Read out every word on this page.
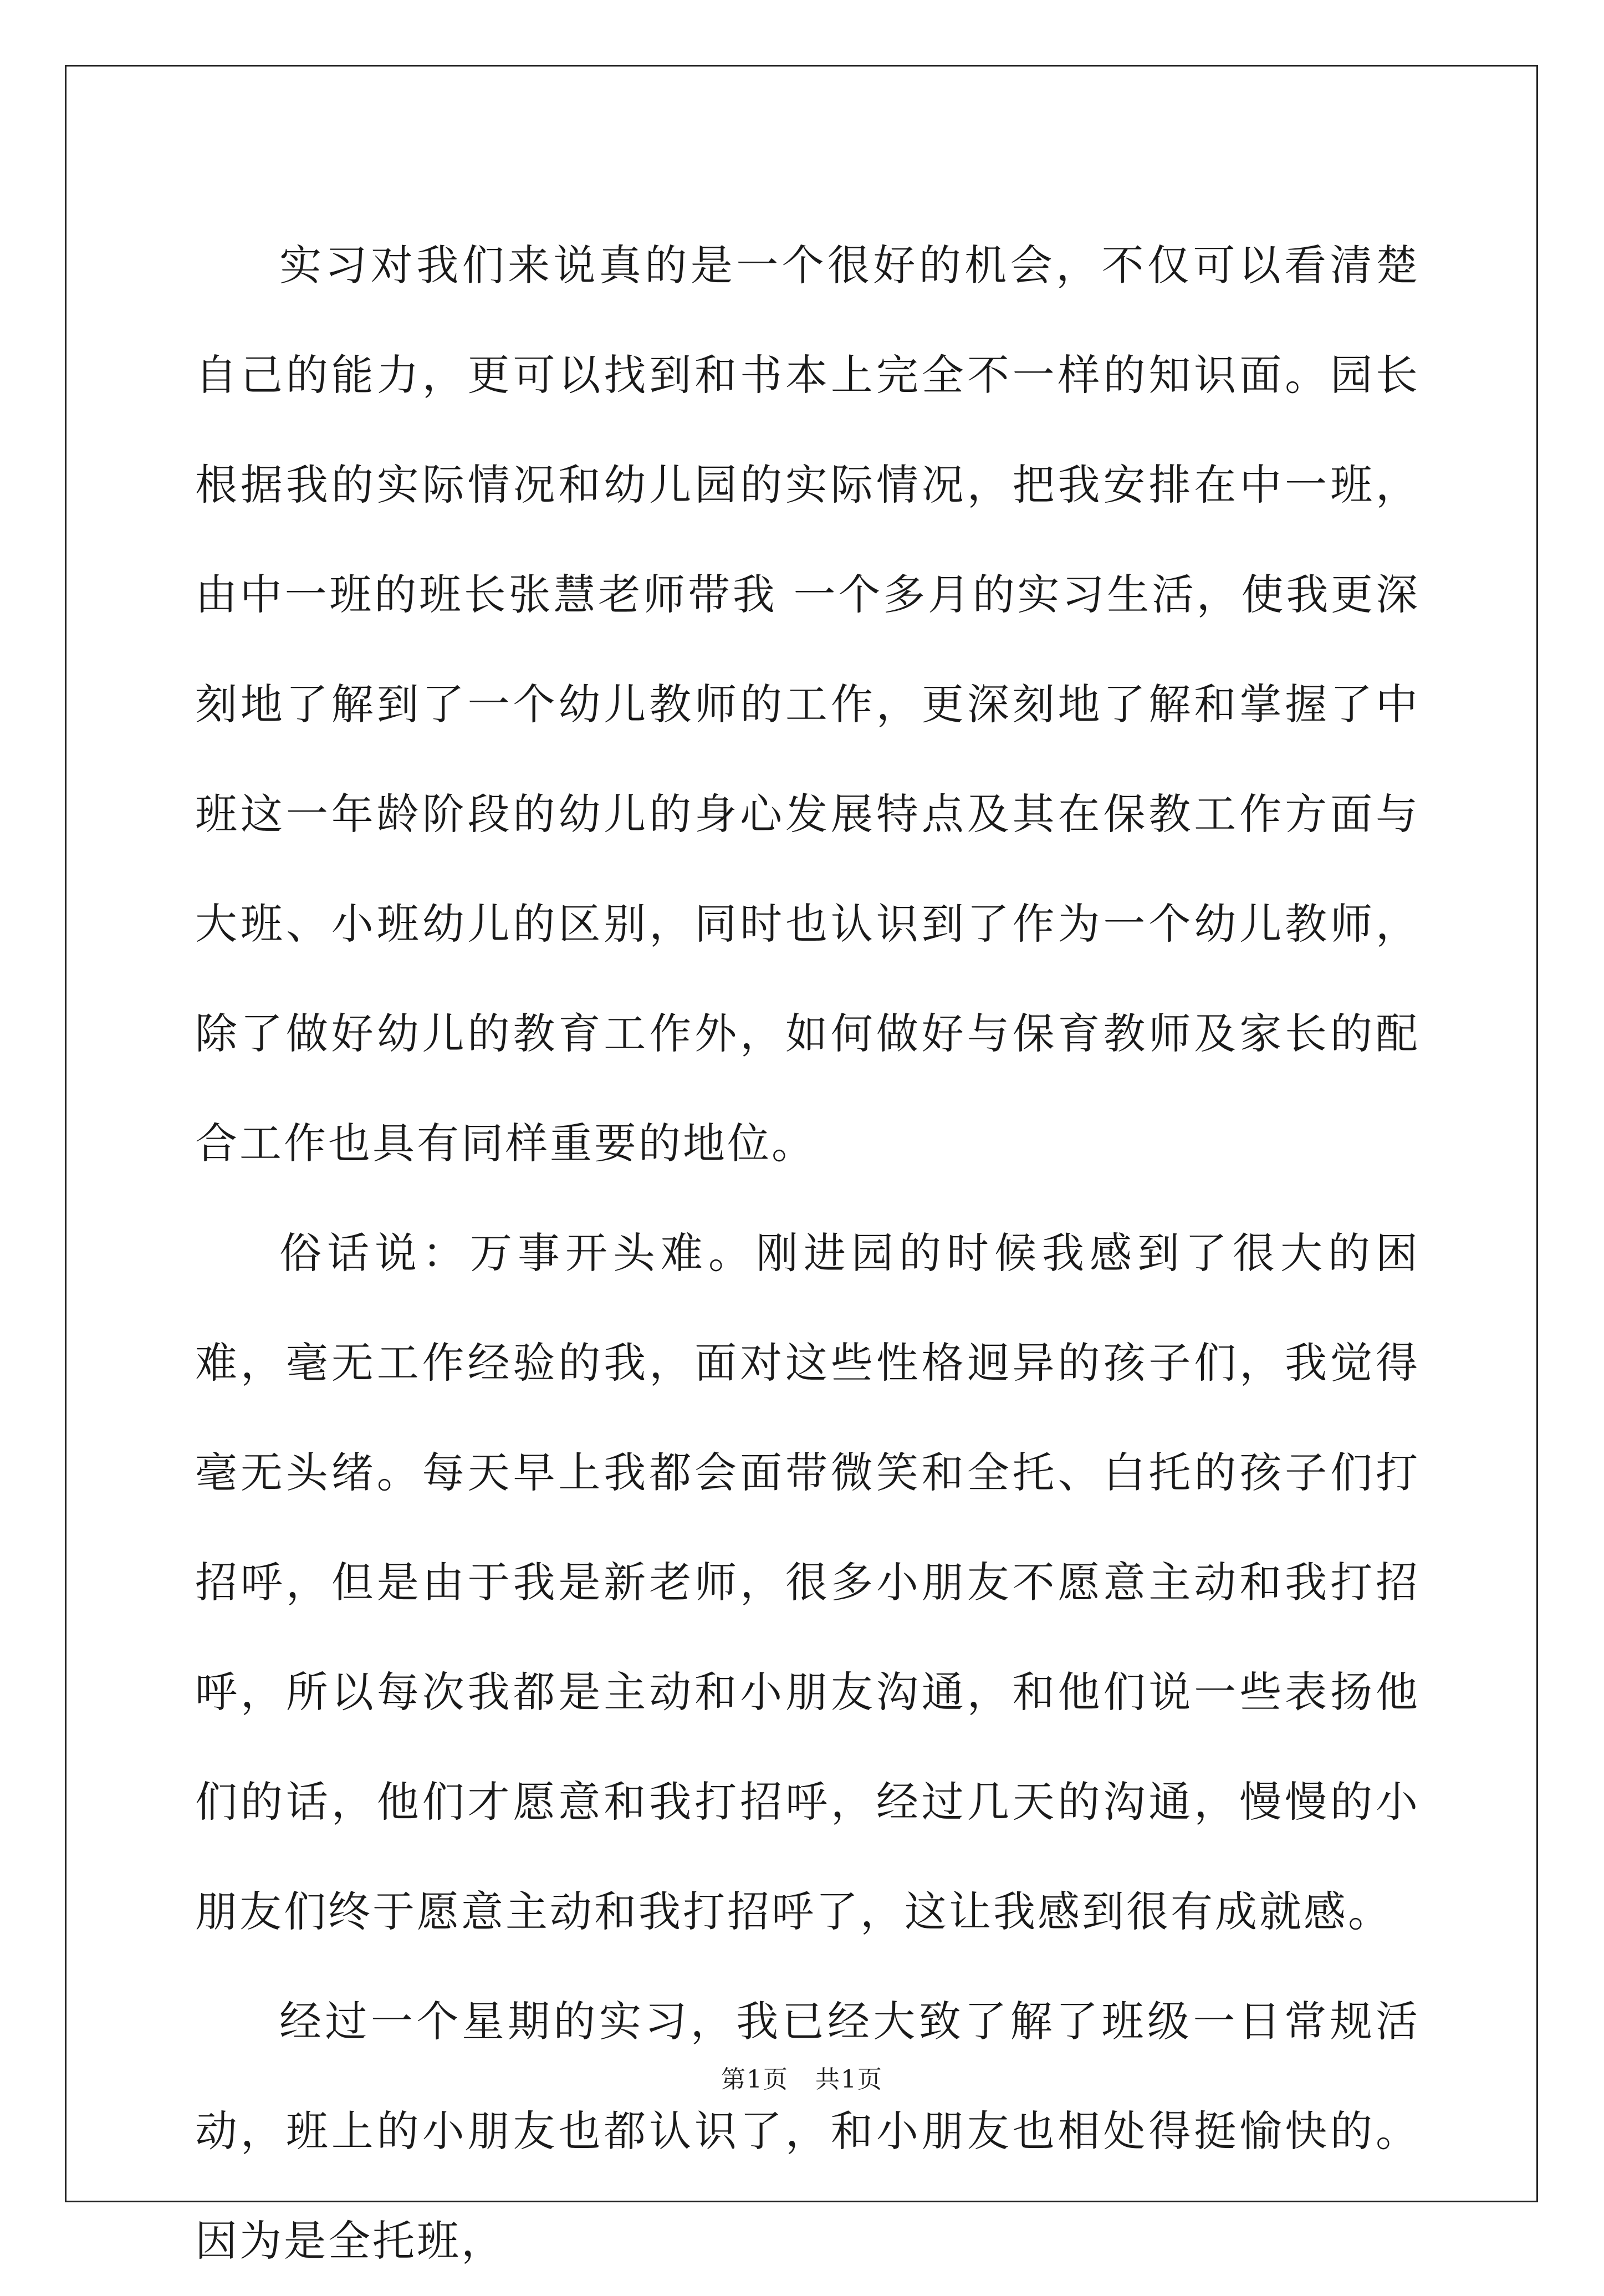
实习对我们来说真的是一个很好的机会，不仅可以看清楚自己的能力，更可以找到和书本上完全不一样的知识面。园长根据我的实际情况和幼儿园的实际情况，把我安排在中一班，由中一班的班长张慧老师带我 一个多月的实习生活，使我更深刻地了解到了一个幼儿教师的工作，更深刻地了解和掌握了中班这一年龄阶段的幼儿的身心发展特点及其在保教工作方面与大班、小班幼儿的区别，同时也认识到了作为一个幼儿教师，除了做好幼儿的教育工作外，如何做好与保育教师及家长的配合工作也具有同样重要的地位。

俗话说：万事开头难。刚进园的时候我感到了很大的困难，毫无工作经验的我，面对这些性格迥异的孩子们，我觉得毫无头绪。每天早上我都会面带微笑和全托、白托的孩子们打招呼，但是由于我是新老师，很多小朋友不愿意主动和我打招呼，所以每次我都是主动和小朋友沟通，和他们说一些表扬他们的话，他们才愿意和我打招呼，经过几天的沟通，慢慢的小朋友们终于愿意主动和我打招呼了，这让我感到很有成就感。

经过一个星期的实习，我已经大致了解了班级一日常规活动，班上的小朋友也都认识了，和小朋友也相处得挺愉快的。因为是全托班，

第1页 共1页
